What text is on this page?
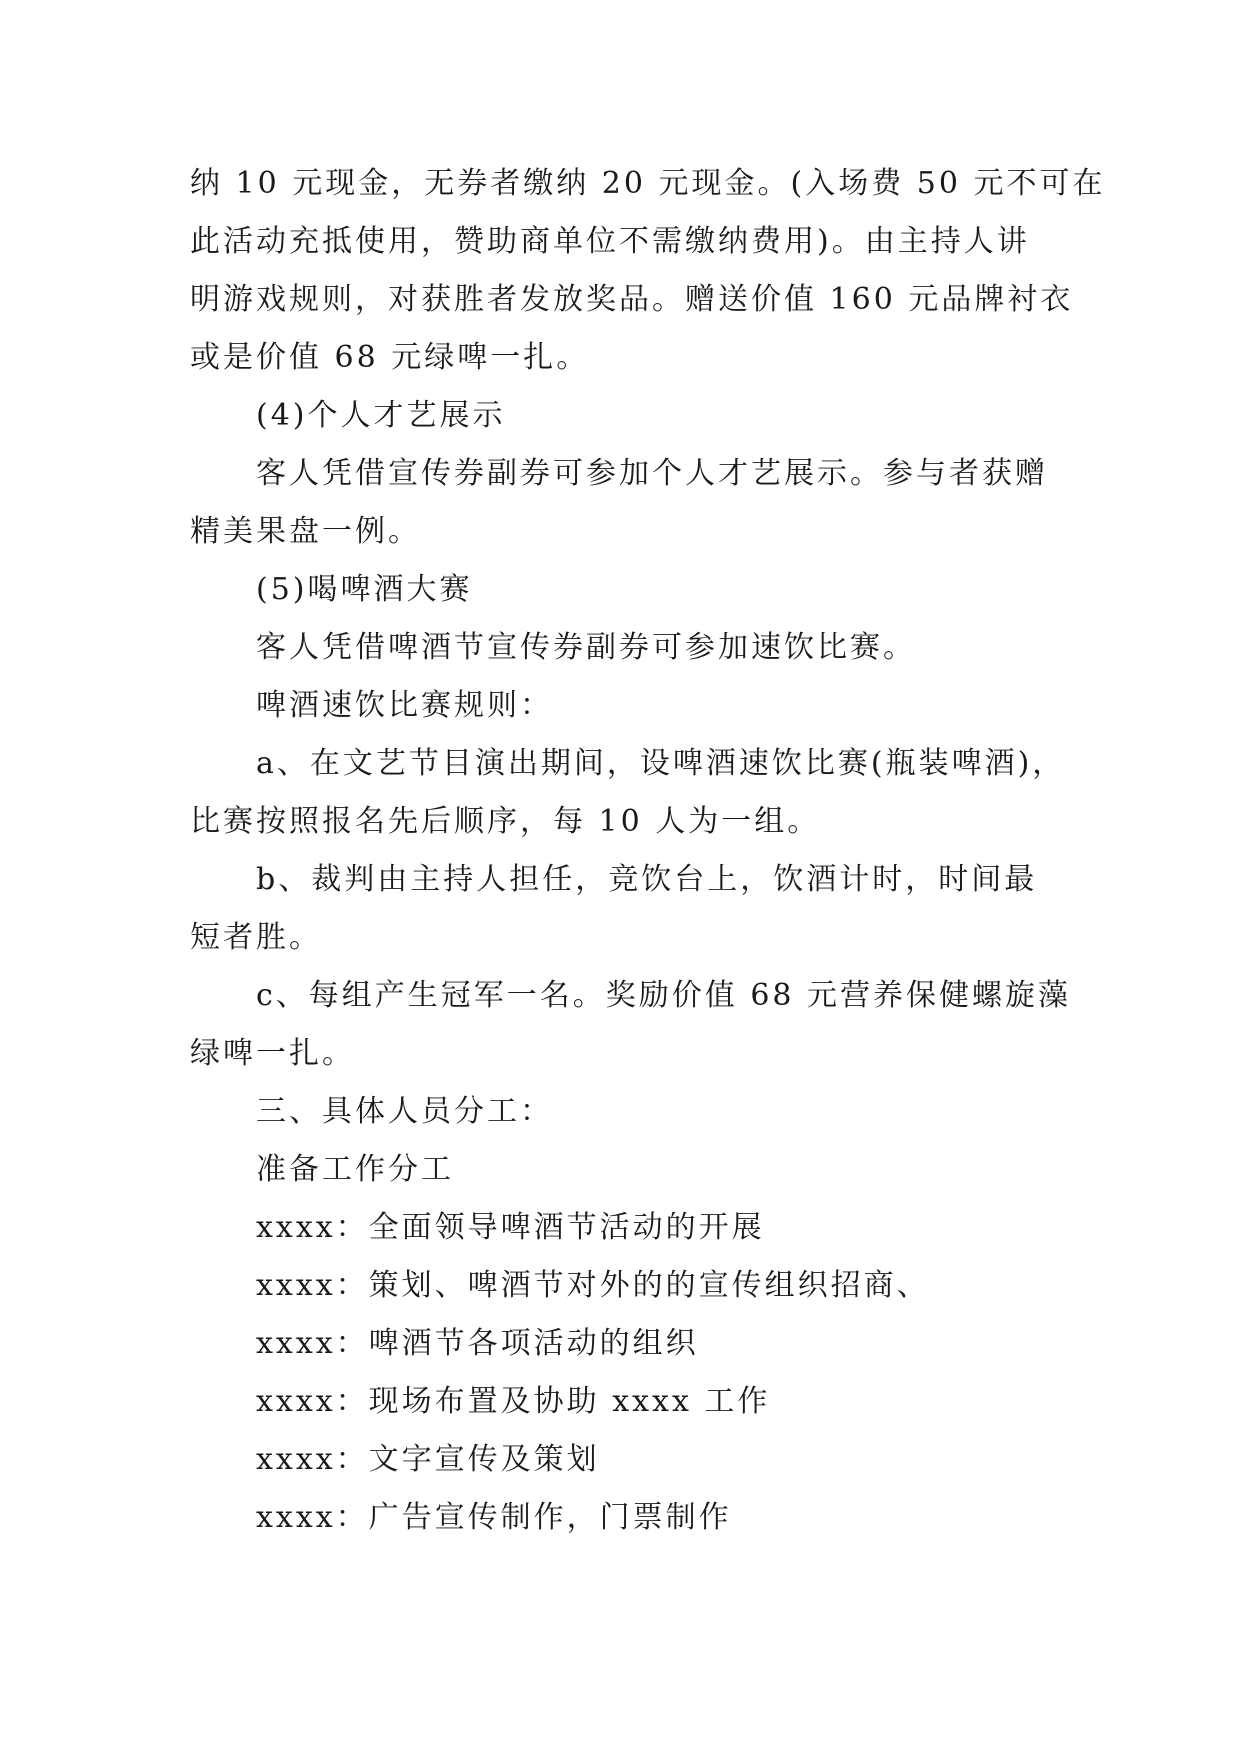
纳 10 元现金，无券者缴纳 20 元现金。(入场费 50 元不可在
此活动充抵使用，赞助商单位不需缴纳费用)。由主持人讲
明游戏规则，对获胜者发放奖品。赠送价值 160 元品牌衬衣
或是价值 68 元绿啤一扎。
(4)个人才艺展示
客人凭借宣传券副券可参加个人才艺展示。参与者获赠
精美果盘一例。
(5)喝啤酒大赛
客人凭借啤酒节宣传券副券可参加速饮比赛。
啤酒速饮比赛规则：
a、在文艺节目演出期间，设啤酒速饮比赛(瓶装啤酒)，
比赛按照报名先后顺序，每 10 人为一组。
b、裁判由主持人担任，竞饮台上，饮酒计时，时间最
短者胜。
c、每组产生冠军一名。奖励价值 68 元营养保健螺旋藻
绿啤一扎。
三、具体人员分工：
准备工作分工
xxxx：全面领导啤酒节活动的开展
xxxx：策划、啤酒节对外的的宣传组织招商、
xxxx：啤酒节各项活动的组织
xxxx：现场布置及协助 xxxx 工作
xxxx：文字宣传及策划
xxxx：广告宣传制作，门票制作
